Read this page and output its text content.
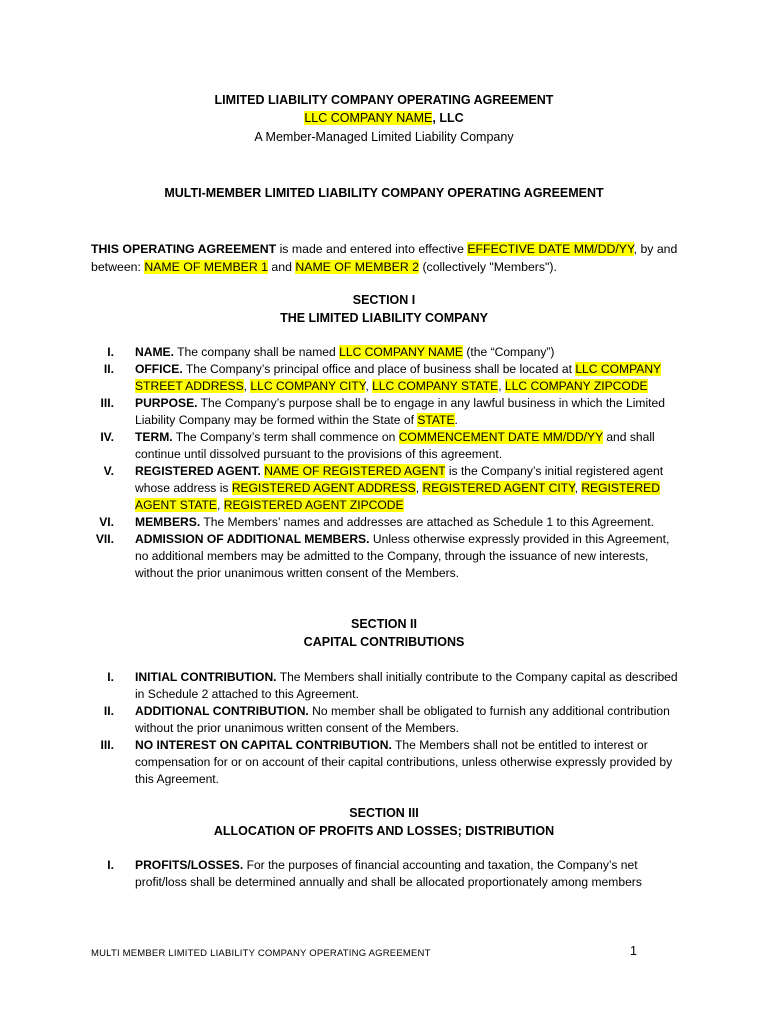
LIMITED LIABILITY COMPANY OPERATING AGREEMENT
LLC COMPANY NAME, LLC
A Member-Managed Limited Liability Company
MULTI-MEMBER LIMITED LIABILITY COMPANY OPERATING AGREEMENT
THIS OPERATING AGREEMENT is made and entered into effective EFFECTIVE DATE MM/DD/YY, by and between: NAME OF MEMBER 1 and NAME OF MEMBER 2 (collectively "Members").
SECTION I
THE LIMITED LIABILITY COMPANY
I. NAME. The company shall be named LLC COMPANY NAME (the “Company”)
II. OFFICE. The Company’s principal office and place of business shall be located at LLC COMPANY STREET ADDRESS, LLC COMPANY CITY, LLC COMPANY STATE, LLC COMPANY ZIPCODE
III. PURPOSE. The Company’s purpose shall be to engage in any lawful business in which the Limited Liability Company may be formed within the State of STATE.
IV. TERM. The Company’s term shall commence on COMMENCEMENT DATE MM/DD/YY and shall continue until dissolved pursuant to the provisions of this agreement.
V. REGISTERED AGENT. NAME OF REGISTERED AGENT is the Company’s initial registered agent whose address is REGISTERED AGENT ADDRESS, REGISTERED AGENT CITY, REGISTERED AGENT STATE, REGISTERED AGENT ZIPCODE
VI. MEMBERS. The Members’ names and addresses are attached as Schedule 1 to this Agreement.
VII. ADMISSION OF ADDITIONAL MEMBERS. Unless otherwise expressly provided in this Agreement, no additional members may be admitted to the Company, through the issuance of new interests, without the prior unanimous written consent of the Members.
SECTION II
CAPITAL CONTRIBUTIONS
I. INITIAL CONTRIBUTION. The Members shall initially contribute to the Company capital as described in Schedule 2 attached to this Agreement.
II. ADDITIONAL CONTRIBUTION. No member shall be obligated to furnish any additional contribution without the prior unanimous written consent of the Members.
III. NO INTEREST ON CAPITAL CONTRIBUTION. The Members shall not be entitled to interest or compensation for or on account of their capital contributions, unless otherwise expressly provided by this Agreement.
SECTION III
ALLOCATION OF PROFITS AND LOSSES; DISTRIBUTION
I. PROFITS/LOSSES. For the purposes of financial accounting and taxation, the Company’s net profit/loss shall be determined annually and shall be allocated proportionately among members
MULTI MEMBER LIMITED LIABILITY COMPANY OPERATING AGREEMENT	1
